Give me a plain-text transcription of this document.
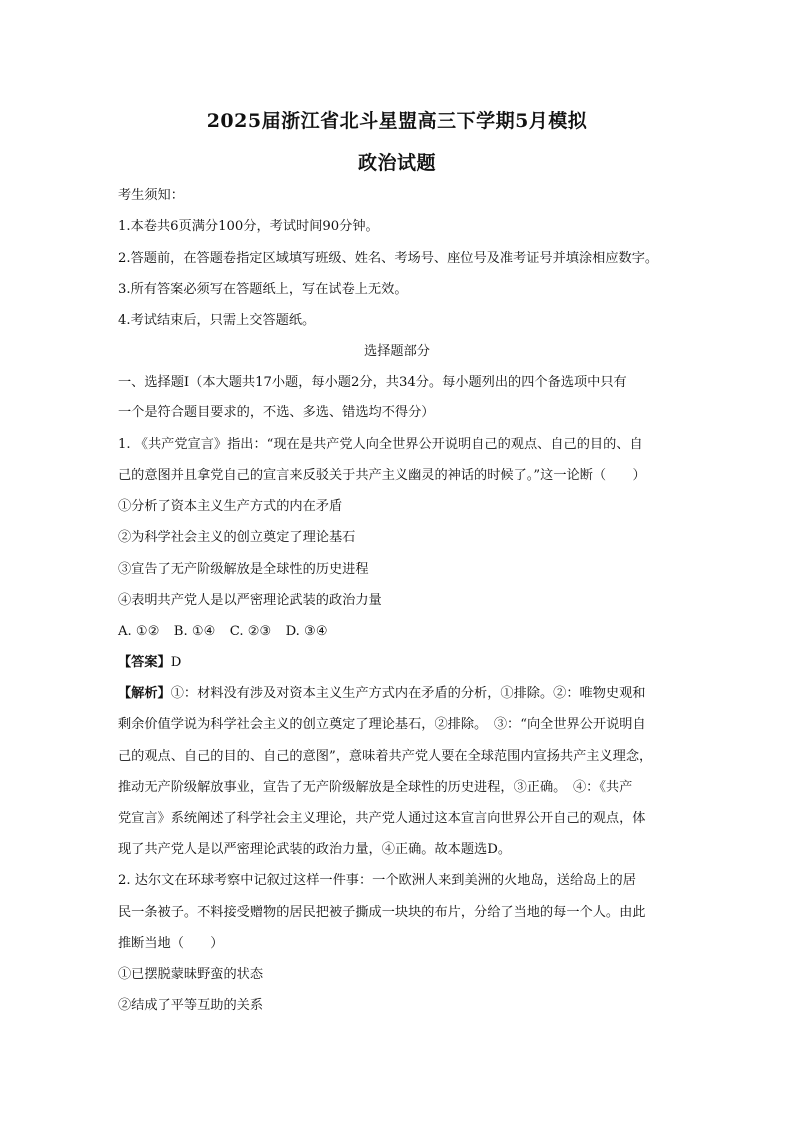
2025届浙江省北斗星盟高三下学期5月模拟
政治试题
考生须知：
1.本卷共6页满分100分，考试时间90分钟。
2.答题前，在答题卷指定区域填写班级、姓名、考场号、座位号及准考证号并填涂相应数字。
3.所有答案必须写在答题纸上，写在试卷上无效。
4.考试结束后，只需上交答题纸。
选择题部分
一、选择题Ⅰ（本大题共17小题，每小题2分，共34分。每小题列出的四个备选项中只有
一个是符合题目要求的，不选、多选、错选均不得分）
1. 《共产党宣言》指出：“现在是共产党人向全世界公开说明自己的观点、自己的目的、自
己的意图并且拿党自己的宣言来反驳关于共产主义幽灵的神话的时候了。”这一论断（　　）
①分析了资本主义生产方式的内在矛盾
②为科学社会主义的创立奠定了理论基石
③宣告了无产阶级解放是全球性的历史进程
④表明共产党人是以严密理论武装的政治力量
A. ①② B. ①④ C. ②③ D. ③④
【答案】D
【解析】①：材料没有涉及对资本主义生产方式内在矛盾的分析，①排除。②：唯物史观和
剩余价值学说为科学社会主义的创立奠定了理论基石，②排除。　③：“向全世界公开说明自
己的观点、自己的目的、自己的意图”，意味着共产党人要在全球范围内宣扬共产主义理念，
推动无产阶级解放事业，宣告了无产阶级解放是全球性的历史进程，③正确。　④：《共产
党宣言》系统阐述了科学社会主义理论，共产党人通过这本宣言向世界公开自己的观点，体
现了共产党人是以严密理论武装的政治力量，④正确。故本题选D。
2. 达尔文在环球考察中记叙过这样一件事：一个欧洲人来到美洲的火地岛，送给岛上的居
民一条被子。不料接受赠物的居民把被子撕成一块块的布片，分给了当地的每一个人。由此
推断当地（　　）
①已摆脱蒙昧野蛮的状态
②结成了平等互助的关系
